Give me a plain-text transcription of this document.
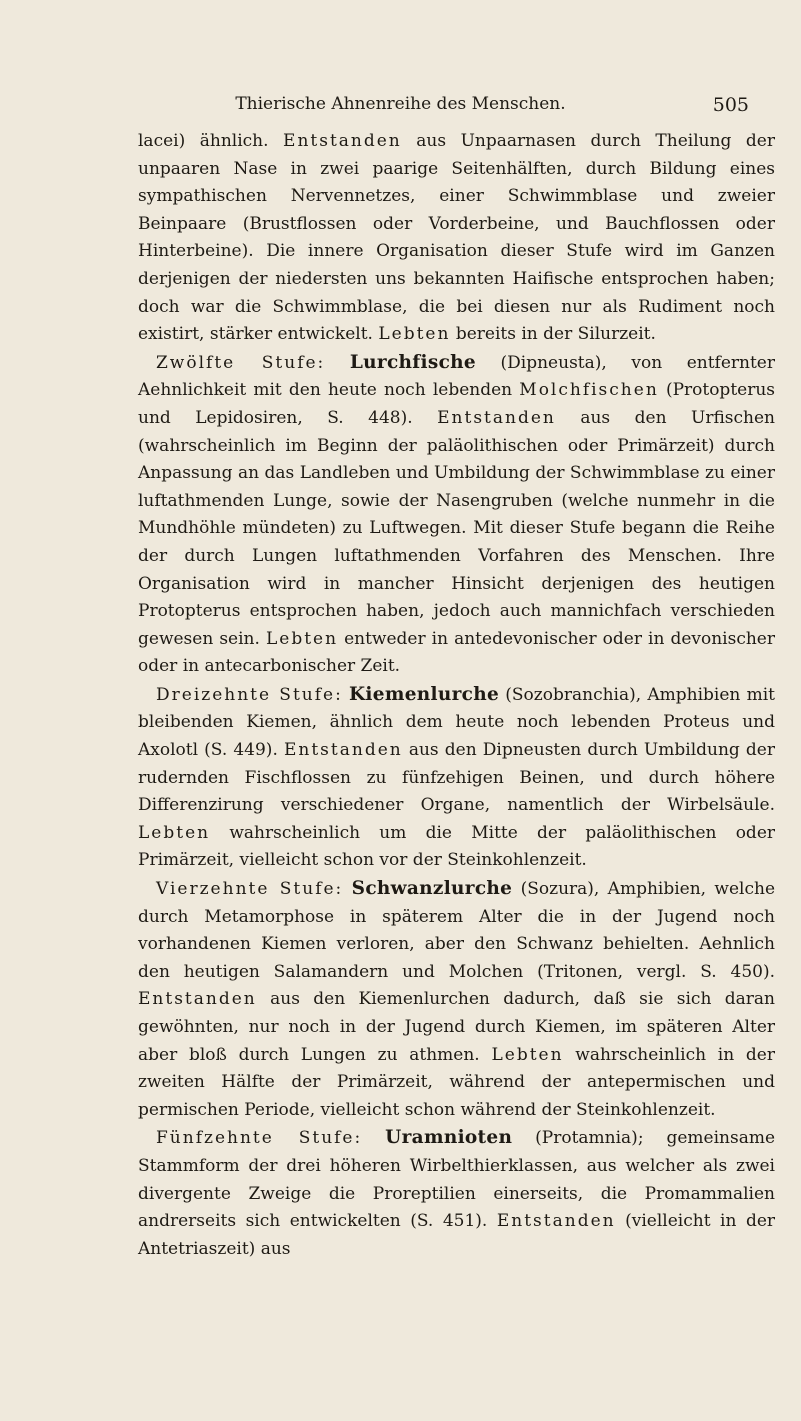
Thierische Ahnenreihe des Menschen.	505

lacei) ähnlich. Entstanden aus Unpaarnasen durch Theilung der unpaaren Nase in zwei paarige Seitenhälften, durch Bildung eines sympathischen Nervennetzes, einer Schwimmblase und zweier Beinpaare (Brustflossen oder Vorderbeine, und Bauchflossen oder Hinterbeine). Die innere Organisation dieser Stufe wird im Ganzen derjenigen der niedersten uns bekannten Haifische entsprochen haben; doch war die Schwimmblase, die bei diesen nur als Rudiment noch existirt, stärker entwickelt. Lebten bereits in der Silurzeit.

Zwölfte Stufe: Lurchfische (Dipneusta), von entfernter Aehnlichkeit mit den heute noch lebenden Molchfischen (Protopterus und Lepidosiren, S. 448). Entstanden aus den Urfischen (wahrscheinlich im Beginn der paläolithischen oder Primärzeit) durch Anpassung an das Landleben und Umbildung der Schwimmblase zu einer luftathmenden Lunge, sowie der Nasengruben (welche nunmehr in die Mundhöhle mündeten) zu Luftwegen. Mit dieser Stufe begann die Reihe der durch Lungen luftathmenden Vorfahren des Menschen. Ihre Organisation wird in mancher Hinsicht derjenigen des heutigen Protopterus entsprochen haben, jedoch auch mannichfach verschieden gewesen sein. Lebten entweder in antedevonischer oder in devonischer oder in antecarbonischer Zeit.

Dreizehnte Stufe: Kiemenlurche (Sozobranchia), Amphibien mit bleibenden Kiemen, ähnlich dem heute noch lebenden Proteus und Axolotl (S. 449). Entstanden aus den Dipneusten durch Umbildung der rudernden Fischflossen zu fünfzehigen Beinen, und durch höhere Differenzirung verschiedener Organe, namentlich der Wirbelsäule. Lebten wahrscheinlich um die Mitte der paläolithischen oder Primärzeit, vielleicht schon vor der Steinkohlenzeit.

Vierzehnte Stufe: Schwanzlurche (Sozura), Amphibien, welche durch Metamorphose in späterem Alter die in der Jugend noch vorhandenen Kiemen verloren, aber den Schwanz behielten. Aehnlich den heutigen Salamandern und Molchen (Tritonen, vergl. S. 450). Entstanden aus den Kiemenlurchen dadurch, daß sie sich daran gewöhnten, nur noch in der Jugend durch Kiemen, im späteren Alter aber bloß durch Lungen zu athmen. Lebten wahrscheinlich in der zweiten Hälfte der Primärzeit, während der antepermischen und permischen Periode, vielleicht schon während der Steinkohlenzeit.

Fünfzehnte Stufe: Uramnioten (Protamnia); gemeinsame Stammform der drei höheren Wirbelthierklassen, aus welcher als zwei divergente Zweige die Proreptilien einerseits, die Promammalien andrerseits sich entwickelten (S. 451). Entstanden (vielleicht in der Antetriaszeit) aus
